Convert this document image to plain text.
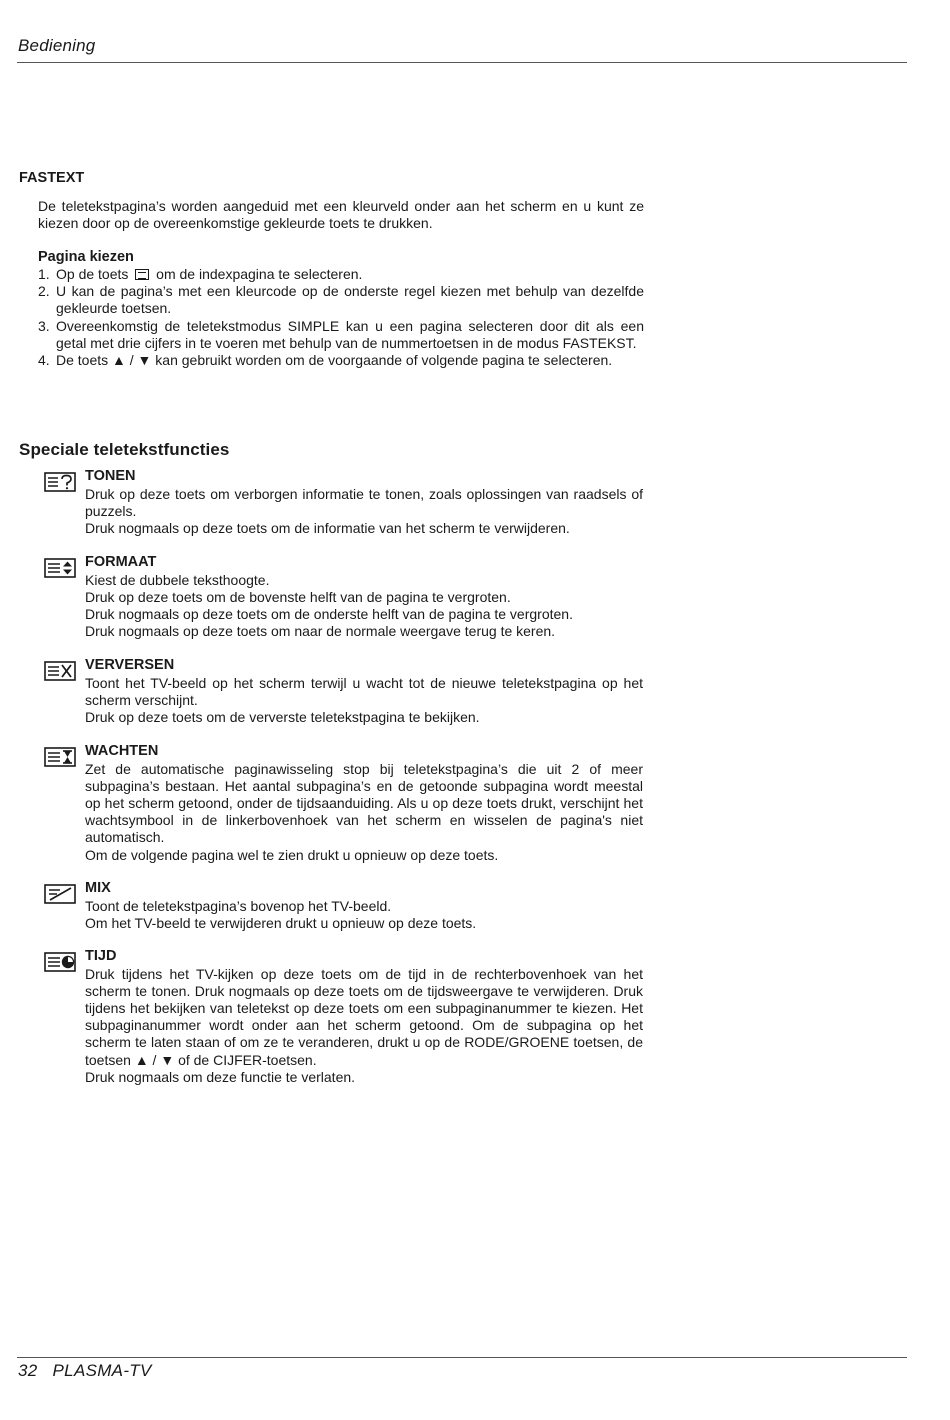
Bediening
FASTEXT
De teletekstpagina’s worden aangeduid met een kleurveld onder aan het scherm en u kunt ze kiezen door op de overeenkomstige gekleurde toets te drukken.
Pagina kiezen
1. Op de toets om de indexpagina te selecteren.
2. U kan de pagina’s met een kleurcode op de onderste regel kiezen met behulp van dezelfde gekleurde toetsen.
3. Overeenkomstig de teletekstmodus SIMPLE kan u een pagina selecteren door dit als een getal met drie cijfers in te voeren met behulp van de nummertoetsen in de modus FASTEKST.
4. De toets ▲ / ▼ kan gebruikt worden om de voorgaande of volgende pagina te selecteren.
Speciale teletekstfuncties
TONEN

Druk op deze toets om verborgen informatie te tonen, zoals oplossingen van raadsels of puzzels.

Druk nogmaals op deze toets om de informatie van het scherm te verwijderen.

FORMAAT

Kiest de dubbele teksthoogte.

Druk op deze toets om de bovenste helft van de pagina te vergroten.

Druk nogmaals op deze toets om de onderste helft van de pagina te vergroten.

Druk nogmaals op deze toets om naar de normale weergave terug te keren.

VERVERSEN

Toont het TV-beeld op het scherm terwijl u wacht tot de nieuwe teletekstpagina op het scherm verschijnt.

Druk op deze toets om de ververste teletekstpagina te bekijken.

WACHTEN

Zet de automatische paginawisseling stop bij teletekstpagina’s die uit 2 of meer subpagina’s bestaan. Het aantal subpagina’s en de getoonde subpagina wordt meestal op het scherm getoond, onder de tijdsaanduiding. Als u op deze toets drukt, verschijnt het wachtsymbool in de linkerbovenhoek van het scherm en wisselen de pagina's niet automatisch.

Om de volgende pagina wel te zien drukt u opnieuw op deze toets.

MIX

Toont de teletekstpagina’s bovenop het TV-beeld.

Om het TV-beeld te verwijderen drukt u opnieuw op deze toets.

TIJD

Druk tijdens het TV-kijken op deze toets om de tijd in de rechterbovenhoek van het scherm te tonen. Druk nogmaals op deze toets om de tijdsweergave te verwijderen. Druk tijdens het bekijken van teletekst op deze toets om een subpaginanummer te kiezen. Het subpaginanummer wordt onder aan het scherm getoond. Om de subpagina op het scherm te laten staan of om ze te veranderen, drukt u op de RODE/GROENE toetsen, de toetsen ▲ / ▼ of de CIJFER-toetsen.

Druk nogmaals om deze functie te verlaten.

32 PLASMA-TV
